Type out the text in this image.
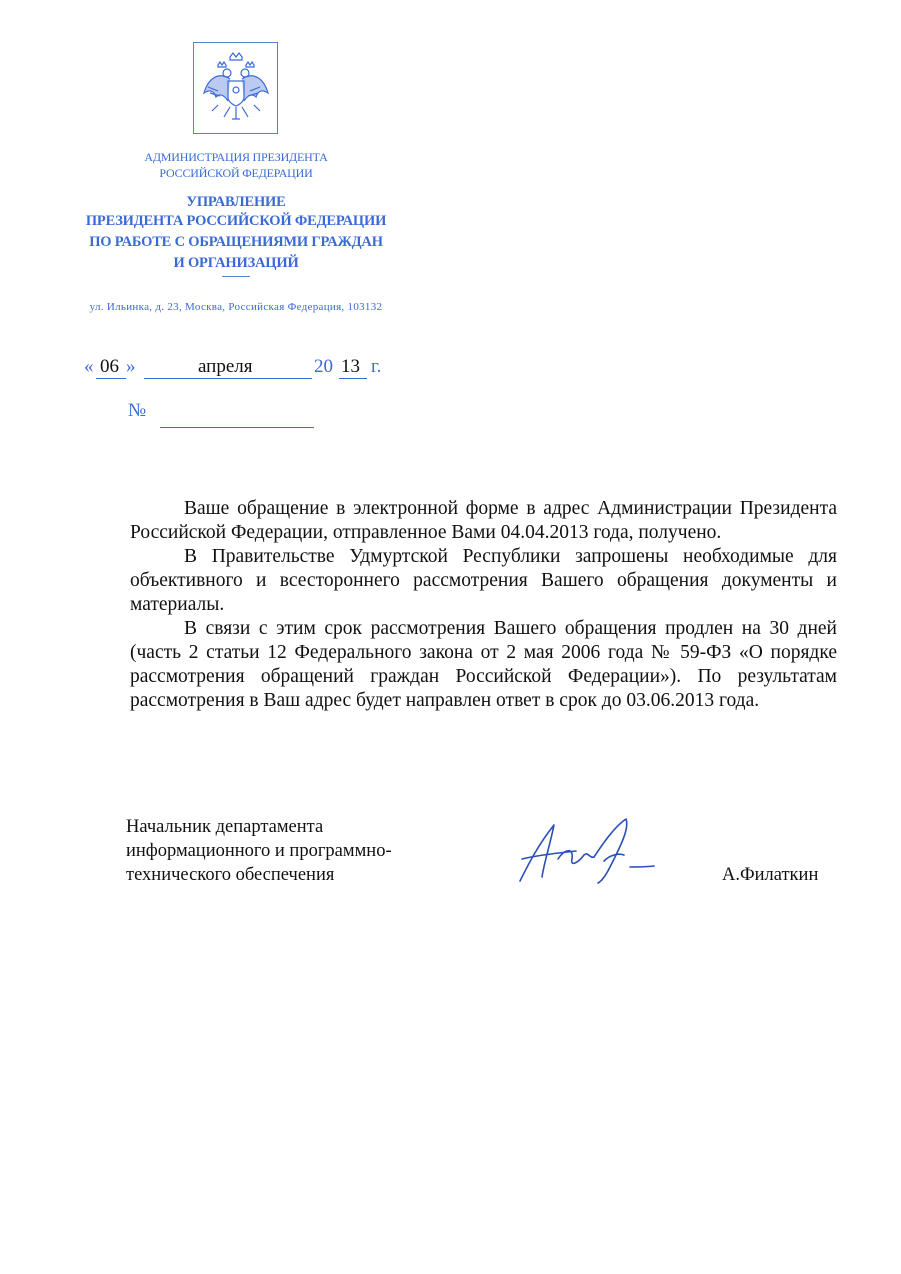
АДМИНИСТРАЦИЯ ПРЕЗИДЕНТА
РОССИЙСКОЙ ФЕДЕРАЦИИ
УПРАВЛЕНИЕ
ПРЕЗИДЕНТА РОССИЙСКОЙ ФЕДЕРАЦИИ
ПО РАБОТЕ С ОБРАЩЕНИЯМИ ГРАЖДАН
И ОРГАНИЗАЦИЙ
ул. Ильинка, д. 23, Москва, Российская Федерация, 103132
« 06 »	апреля	20 13 г.
№

Ваше обращение в электронной форме в адрес Администрации Президента Российской Федерации, отправленное Вами 04.04.2013 года, получено.

В Правительстве Удмуртской Республики запрошены необходимые для объективного и всестороннего рассмотрения Вашего обращения документы и материалы.

В связи с этим срок рассмотрения Вашего обращения продлен на 30 дней (часть 2 статьи 12 Федерального закона от 2 мая 2006 года № 59-ФЗ «О порядке рассмотрения обращений граждан Российской Федерации»). По результатам рассмотрения в Ваш адрес будет направлен ответ в срок до 03.06.2013 года.

Начальник департамента
информационного и программно-
технического обеспечения	А.Филаткин
